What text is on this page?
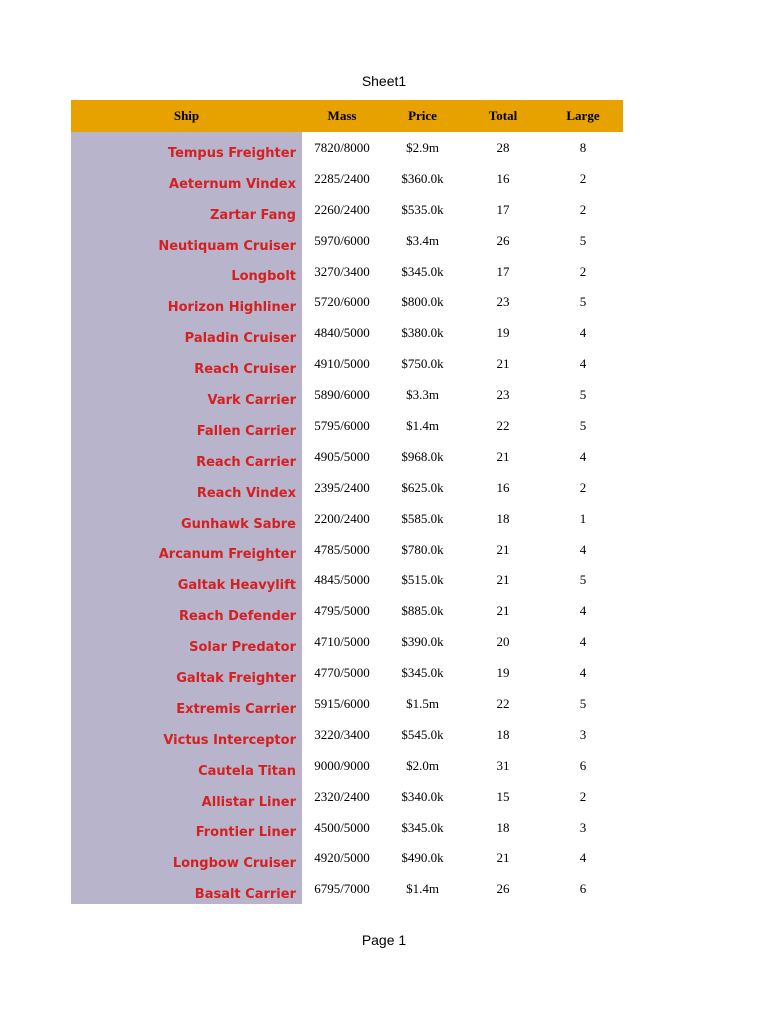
Sheet1
Ship	Mass	Price	Total	Large
Tempus Freighter	7820/8000	$2.9m	28	8
Aeternum Vindex	2285/2400	$360.0k	16	2
Zartar Fang	2260/2400	$535.0k	17	2
Neutiquam Cruiser	5970/6000	$3.4m	26	5
Longbolt	3270/3400	$345.0k	17	2
Horizon Highliner	5720/6000	$800.0k	23	5
Paladin Cruiser	4840/5000	$380.0k	19	4
Reach Cruiser	4910/5000	$750.0k	21	4
Vark Carrier	5890/6000	$3.3m	23	5
Fallen Carrier	5795/6000	$1.4m	22	5
Reach Carrier	4905/5000	$968.0k	21	4
Reach Vindex	2395/2400	$625.0k	16	2
Gunhawk Sabre	2200/2400	$585.0k	18	1
Arcanum Freighter	4785/5000	$780.0k	21	4
Galtak Heavylift	4845/5000	$515.0k	21	5
Reach Defender	4795/5000	$885.0k	21	4
Solar Predator	4710/5000	$390.0k	20	4
Galtak Freighter	4770/5000	$345.0k	19	4
Extremis Carrier	5915/6000	$1.5m	22	5
Victus Interceptor	3220/3400	$545.0k	18	3
Cautela Titan	9000/9000	$2.0m	31	6
Allistar Liner	2320/2400	$340.0k	15	2
Frontier Liner	4500/5000	$345.0k	18	3
Longbow Cruiser	4920/5000	$490.0k	21	4
Basalt Carrier	6795/7000	$1.4m	26	6
Page 1
